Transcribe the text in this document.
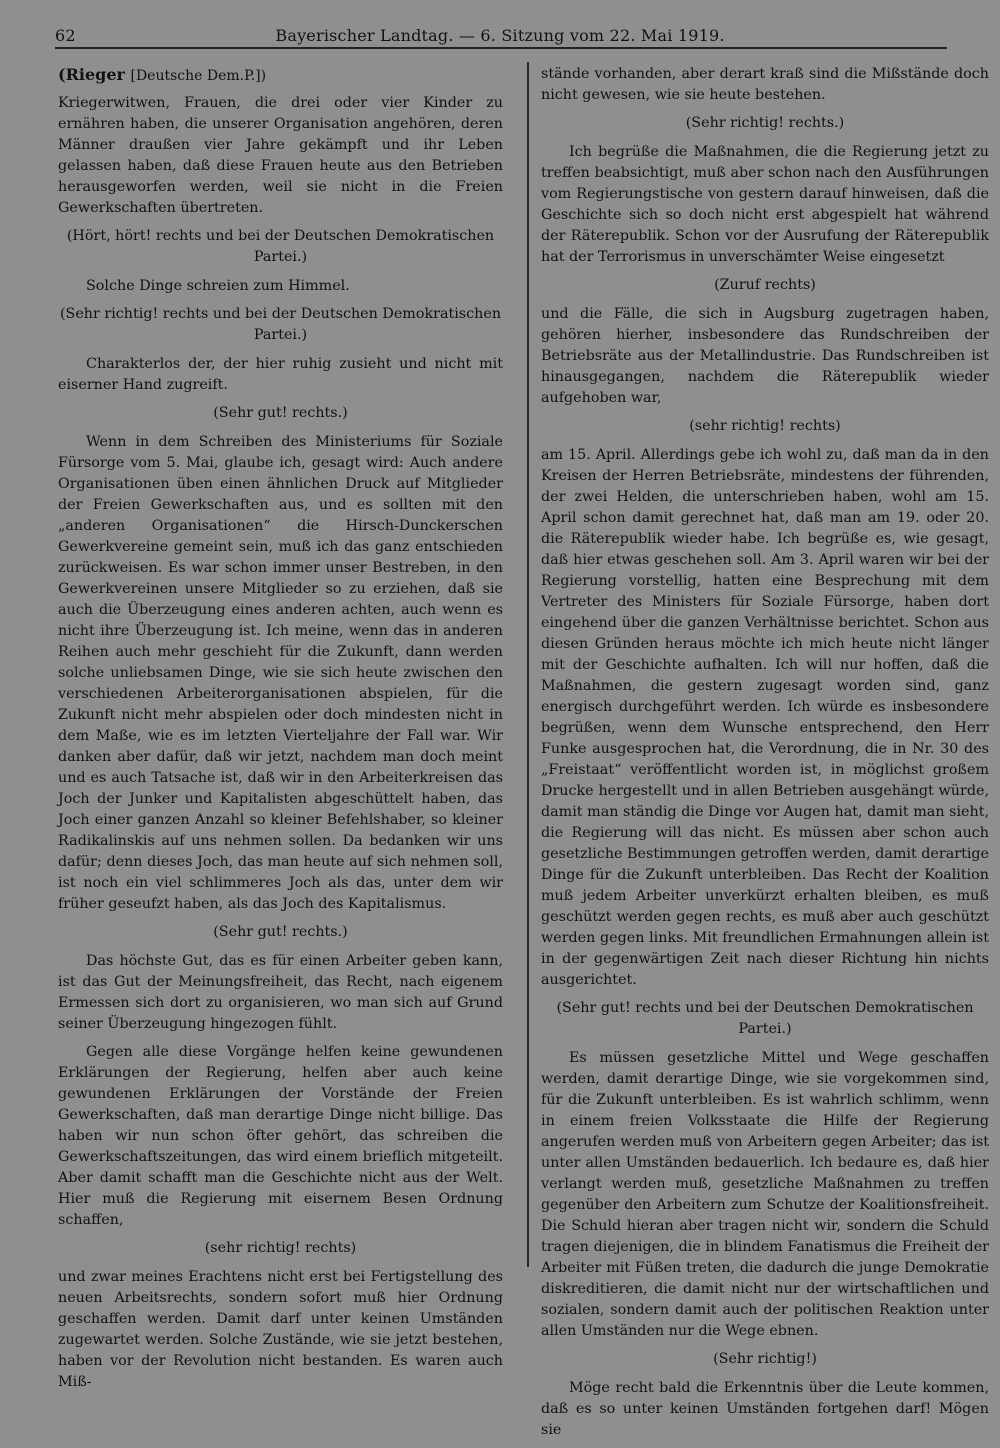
62	Bayerischer Landtag. — 6. Sitzung vom 22. Mai 1919.

(Rieger [Deutsche Dem.P.])

Kriegerwitwen, Frauen, die drei oder vier Kinder zu ernähren haben, die unserer Organisation angehören, deren Männer draußen vier Jahre gekämpft und ihr Leben gelassen haben, daß diese Frauen heute aus den Betrieben herausgeworfen werden, weil sie nicht in die Freien Gewerkschaften übertreten.

(Hört, hört! rechts und bei der Deutschen Demokratischen Partei.)

Solche Dinge schreien zum Himmel.

(Sehr richtig! rechts und bei der Deutschen Demokratischen Partei.)

Charakterlos der, der hier ruhig zusieht und nicht mit eiserner Hand zugreift.

(Sehr gut! rechts.)

Wenn in dem Schreiben des Ministeriums für Soziale Fürsorge vom 5. Mai, glaube ich, gesagt wird: Auch andere Organisationen üben einen ähnlichen Druck auf Mitglieder der Freien Gewerkschaften aus, und es sollten mit den „anderen Organisationen“ die Hirsch-Dunckerschen Gewerkvereine gemeint sein, muß ich das ganz entschieden zurückweisen. Es war schon immer unser Bestreben, in den Gewerkvereinen unsere Mitglieder so zu erziehen, daß sie auch die Überzeugung eines anderen achten, auch wenn es nicht ihre Überzeugung ist. Ich meine, wenn das in anderen Reihen auch mehr geschieht für die Zukunft, dann werden solche unliebsamen Dinge, wie sie sich heute zwischen den verschiedenen Arbeiterorganisationen abspielen, für die Zukunft nicht mehr abspielen oder doch mindesten nicht in dem Maße, wie es im letzten Vierteljahre der Fall war. Wir danken aber dafür, daß wir jetzt, nachdem man doch meint und es auch Tatsache ist, daß wir in den Arbeiterkreisen das Joch der Junker und Kapitalisten abgeschüttelt haben, das Joch einer ganzen Anzahl so kleiner Befehlshaber, so kleiner Radikalinskis auf uns nehmen sollen. Da bedanken wir uns dafür; denn dieses Joch, das man heute auf sich nehmen soll, ist noch ein viel schlimmeres Joch als das, unter dem wir früher geseufzt haben, als das Joch des Kapitalismus.

(Sehr gut! rechts.)

Das höchste Gut, das es für einen Arbeiter geben kann, ist das Gut der Meinungsfreiheit, das Recht, nach eigenem Ermessen sich dort zu organisieren, wo man sich auf Grund seiner Überzeugung hingezogen fühlt.

Gegen alle diese Vorgänge helfen keine gewundenen Erklärungen der Regierung, helfen aber auch keine gewundenen Erklärungen der Vorstände der Freien Gewerkschaften, daß man derartige Dinge nicht billige. Das haben wir nun schon öfter gehört, das schreiben die Gewerkschaftszeitungen, das wird einem brieflich mitgeteilt. Aber damit schafft man die Geschichte nicht aus der Welt. Hier muß die Regierung mit eisernem Besen Ordnung schaffen,

(sehr richtig! rechts)

und zwar meines Erachtens nicht erst bei Fertigstellung des neuen Arbeitsrechts, sondern sofort muß hier Ordnung geschaffen werden. Damit darf unter keinen Umständen zugewartet werden. Solche Zustände, wie sie jetzt bestehen, haben vor der Revolution nicht bestanden. Es waren auch Miß-

stände vorhanden, aber derart kraß sind die Mißstände doch nicht gewesen, wie sie heute bestehen.

(Sehr richtig! rechts.)

Ich begrüße die Maßnahmen, die die Regierung jetzt zu treffen beabsichtigt, muß aber schon nach den Ausführungen vom Regierungstische von gestern darauf hinweisen, daß die Geschichte sich so doch nicht erst abgespielt hat während der Räterepublik. Schon vor der Ausrufung der Räterepublik hat der Terrorismus in unverschämter Weise eingesetzt

(Zuruf rechts)

und die Fälle, die sich in Augsburg zugetragen haben, gehören hierher, insbesondere das Rundschreiben der Betriebsräte aus der Metallindustrie. Das Rundschreiben ist hinausgegangen, nachdem die Räterepublik wieder aufgehoben war,

(sehr richtig! rechts)

am 15. April. Allerdings gebe ich wohl zu, daß man da in den Kreisen der Herren Betriebsräte, mindestens der führenden, der zwei Helden, die unterschrieben haben, wohl am 15. April schon damit gerechnet hat, daß man am 19. oder 20. die Räterepublik wieder habe. Ich begrüße es, wie gesagt, daß hier etwas geschehen soll. Am 3. April waren wir bei der Regierung vorstellig, hatten eine Besprechung mit dem Vertreter des Ministers für Soziale Fürsorge, haben dort eingehend über die ganzen Verhältnisse berichtet. Schon aus diesen Gründen heraus möchte ich mich heute nicht länger mit der Geschichte aufhalten. Ich will nur hoffen, daß die Maßnahmen, die gestern zugesagt worden sind, ganz energisch durchgeführt werden. Ich würde es insbesondere begrüßen, wenn dem Wunsche entsprechend, den Herr Funke ausgesprochen hat, die Verordnung, die in Nr. 30 des „Freistaat“ veröffentlicht worden ist, in möglichst großem Drucke hergestellt und in allen Betrieben ausgehängt würde, damit man ständig die Dinge vor Augen hat, damit man sieht, die Regierung will das nicht. Es müssen aber schon auch gesetzliche Bestimmungen getroffen werden, damit derartige Dinge für die Zukunft unterbleiben. Das Recht der Koalition muß jedem Arbeiter unverkürzt erhalten bleiben, es muß geschützt werden gegen rechts, es muß aber auch geschützt werden gegen links. Mit freundlichen Ermahnungen allein ist in der gegenwärtigen Zeit nach dieser Richtung hin nichts ausgerichtet.

(Sehr gut! rechts und bei der Deutschen Demokratischen Partei.)

Es müssen gesetzliche Mittel und Wege geschaffen werden, damit derartige Dinge, wie sie vorgekommen sind, für die Zukunft unterbleiben. Es ist wahrlich schlimm, wenn in einem freien Volksstaate die Hilfe der Regierung angerufen werden muß von Arbeitern gegen Arbeiter; das ist unter allen Umständen bedauerlich. Ich bedaure es, daß hier verlangt werden muß, gesetzliche Maßnahmen zu treffen gegenüber den Arbeitern zum Schutze der Koalitionsfreiheit. Die Schuld hieran aber tragen nicht wir, sondern die Schuld tragen diejenigen, die in blindem Fanatismus die Freiheit der Arbeiter mit Füßen treten, die dadurch die junge Demokratie diskreditieren, die damit nicht nur der wirtschaftlichen und sozialen, sondern damit auch der politischen Reaktion unter allen Umständen nur die Wege ebnen.

(Sehr richtig!)

Möge recht bald die Erkenntnis über die Leute kommen, daß es so unter keinen Umständen fortgehen darf! Mögen sie
